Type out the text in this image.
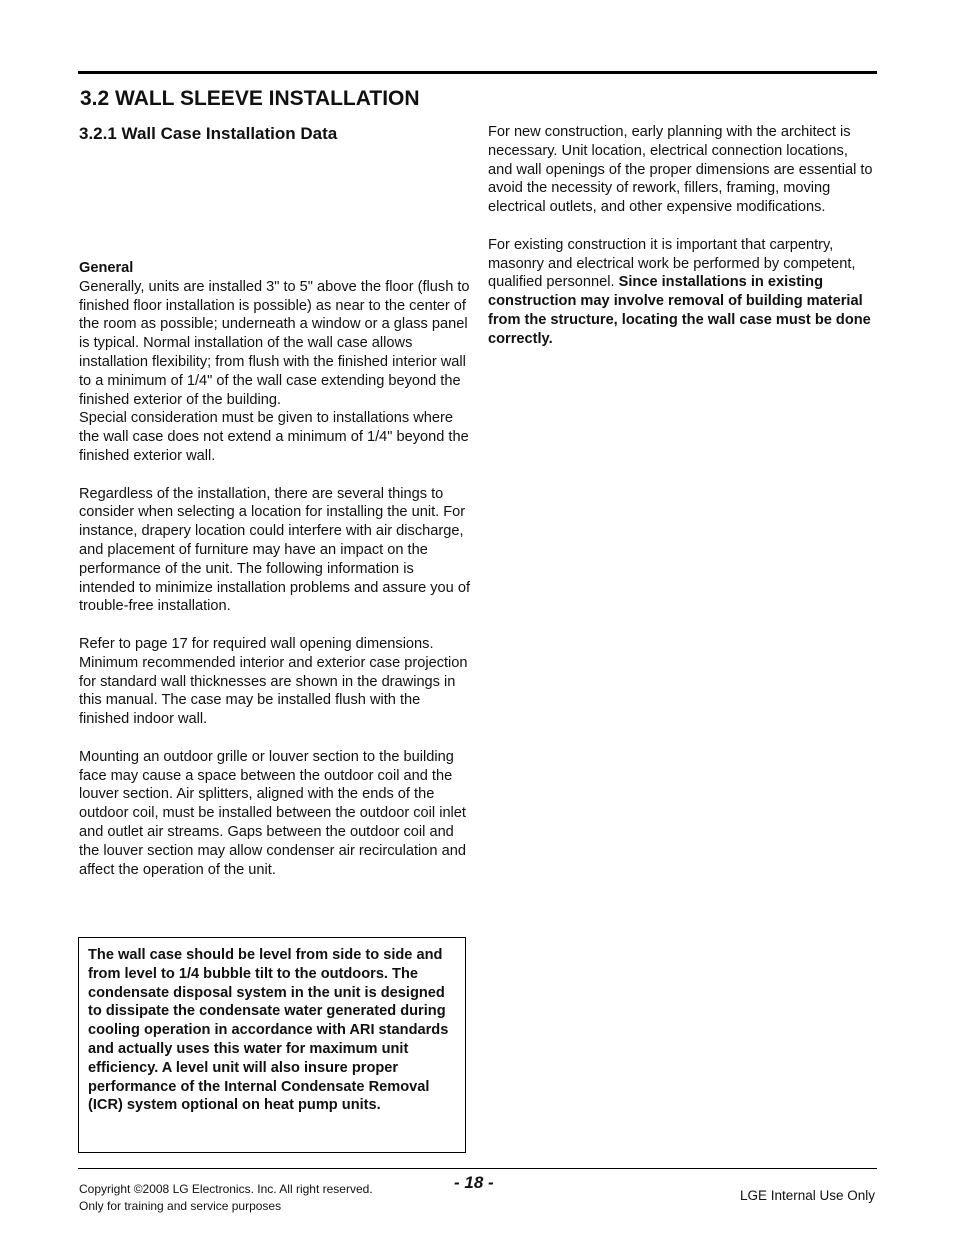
3.2 WALL SLEEVE INSTALLATION
3.2.1 Wall Case Installation Data
General

Generally, units are installed 3" to 5" above the floor (flush to finished floor installation is possible) as near to the center of the room as possible; underneath a window or a glass panel is typical. Normal installation of the wall case allows installation flexibility; from flush with the finished interior wall to a minimum of 1/4" of the wall case extending beyond the finished exterior of the building.

Special consideration must be given to installations where the wall case does not extend a minimum of 1/4" beyond the finished exterior wall.

Regardless of the installation, there are several things to consider when selecting a location for installing the unit. For instance, drapery location could interfere with air discharge, and placement of furniture may have an impact on the performance of the unit. The following information is intended to minimize installation problems and assure you of trouble-free installation.

Refer to page 17 for required wall opening dimensions. Minimum recommended interior and exterior case projection for standard wall thicknesses are shown in the drawings in this manual. The case may be installed flush with the finished indoor wall.

Mounting an outdoor grille or louver section to the building face may cause a space between the outdoor coil and the louver section. Air splitters, aligned with the ends of the outdoor coil, must be installed between the outdoor coil inlet and outlet air streams. Gaps between the outdoor coil and the louver section may allow condenser air recirculation and affect the operation of the unit.

The wall case should be level from side to side and from level to 1/4 bubble tilt to the outdoors. The condensate disposal system in the unit is designed to dissipate the condensate water generated during cooling operation in accordance with ARI standards and actually uses this water for maximum unit efficiency. A level unit will also insure proper performance of the Internal Condensate Removal (ICR) system optional on heat pump units.

For new construction, early planning with the architect is necessary. Unit location, electrical connection locations, and wall openings of the proper dimensions are essential to avoid the necessity of rework, fillers, framing, moving electrical outlets, and other expensive modifications.

For existing construction it is important that carpentry, masonry and electrical work be performed by competent, qualified personnel. Since installations in existing construction may involve removal of building material from the structure, locating the wall case must be done correctly.

- 18 -
Copyright ©2008 LG Electronics. Inc. All right reserved.
Only for training and service purposes
LGE Internal Use Only
